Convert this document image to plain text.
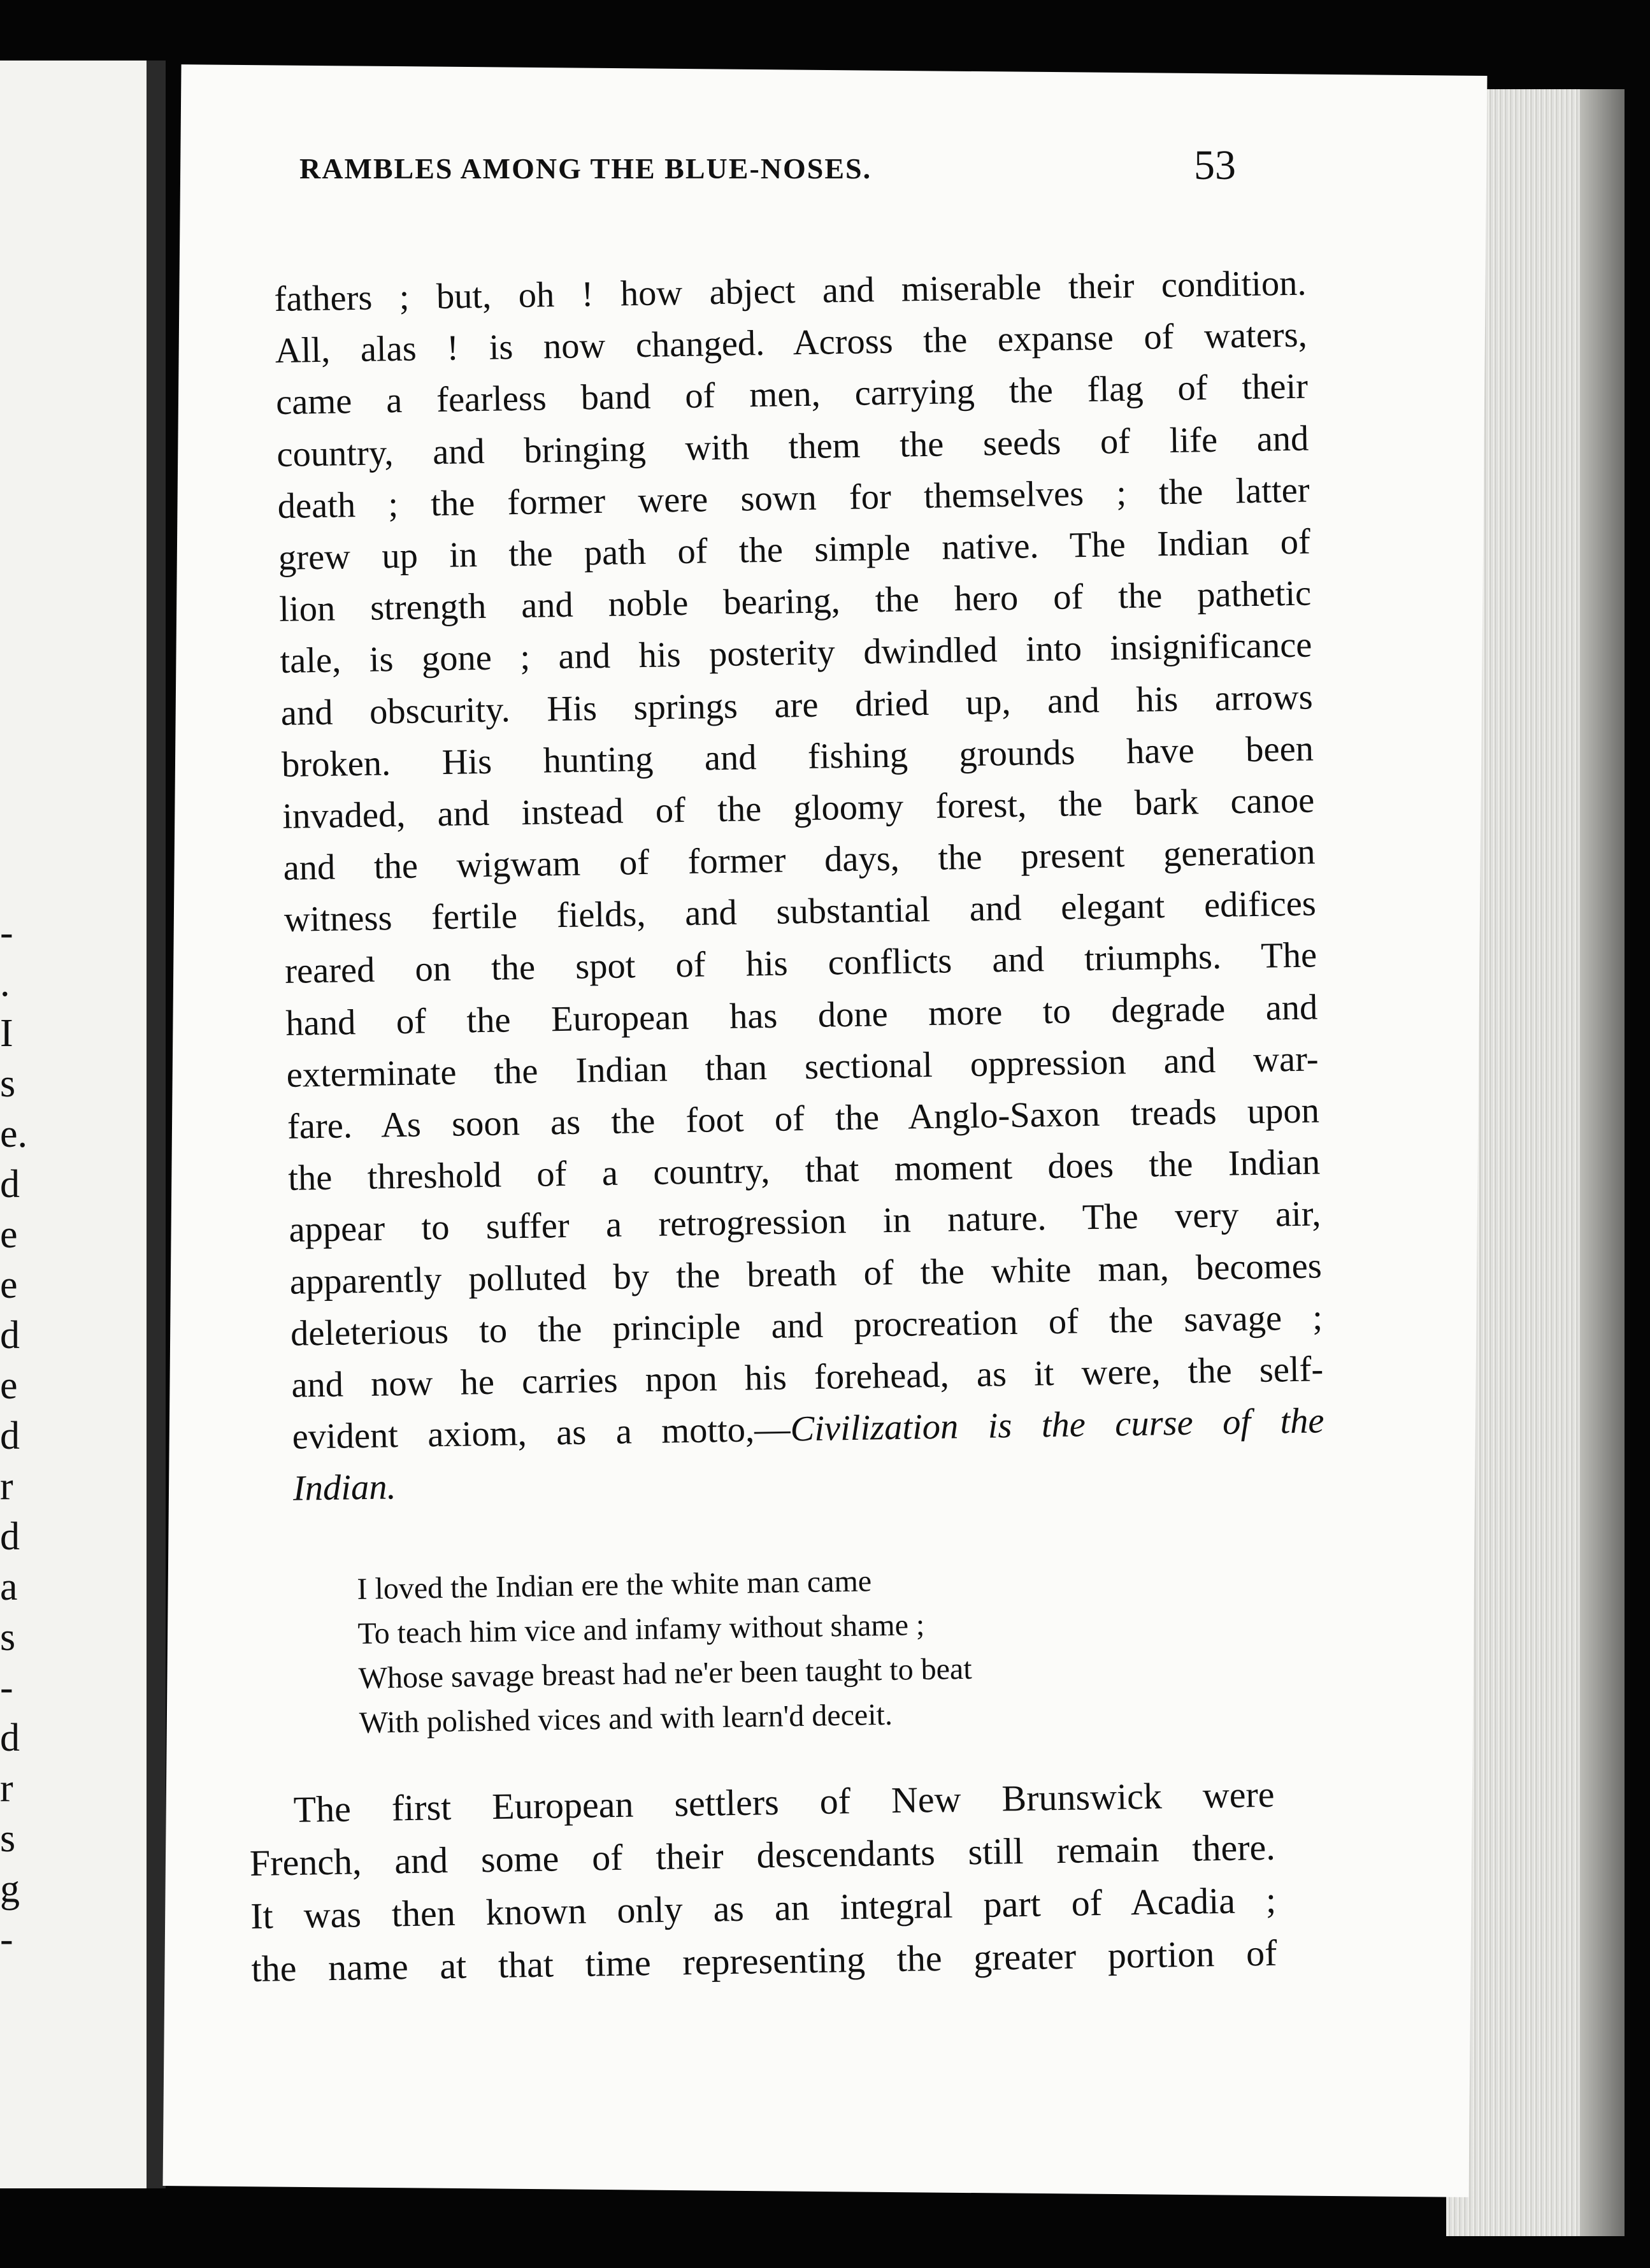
-
.
I
s
e.
d
e
e
d
e
d
r
d
a
s
-
d
r
s
g
-
RAMBLES AMONG THE BLUE-NOSES.	53
fathers ; but, oh ! how abject and miserable their condition.
All, alas ! is now changed. Across the expanse of waters,
came a fearless band of men, carrying the flag of their
country, and bringing with them the seeds of life and
death ; the former were sown for themselves ; the latter
grew up in the path of the simple native. The Indian of
lion strength and noble bearing, the hero of the pathetic
tale, is gone ; and his posterity dwindled into insignificance
and obscurity. His springs are dried up, and his arrows
broken. His hunting and fishing grounds have been
invaded, and instead of the gloomy forest, the bark canoe
and the wigwam of former days, the present generation
witness fertile fields, and substantial and elegant edifices
reared on the spot of his conflicts and triumphs. The
hand of the European has done more to degrade and
exterminate the Indian than sectional oppression and war-
fare. As soon as the foot of the Anglo-Saxon treads upon
the threshold of a country, that moment does the Indian
appear to suffer a retrogression in nature. The very air,
apparently polluted by the breath of the white man, becomes
deleterious to the principle and procreation of the savage ;
and now he carries npon his forehead, as it were, the self-
evident axiom, as a motto,—Civilization is the curse of the
Indian.
I loved the Indian ere the white man came
To teach him vice and infamy without shame ;
Whose savage breast had ne'er been taught to beat
With polished vices and with learn'd deceit.
The first European settlers of New Brunswick were
French, and some of their descendants still remain there.
It was then known only as an integral part of Acadia ;
the name at that time representing the greater portion of
